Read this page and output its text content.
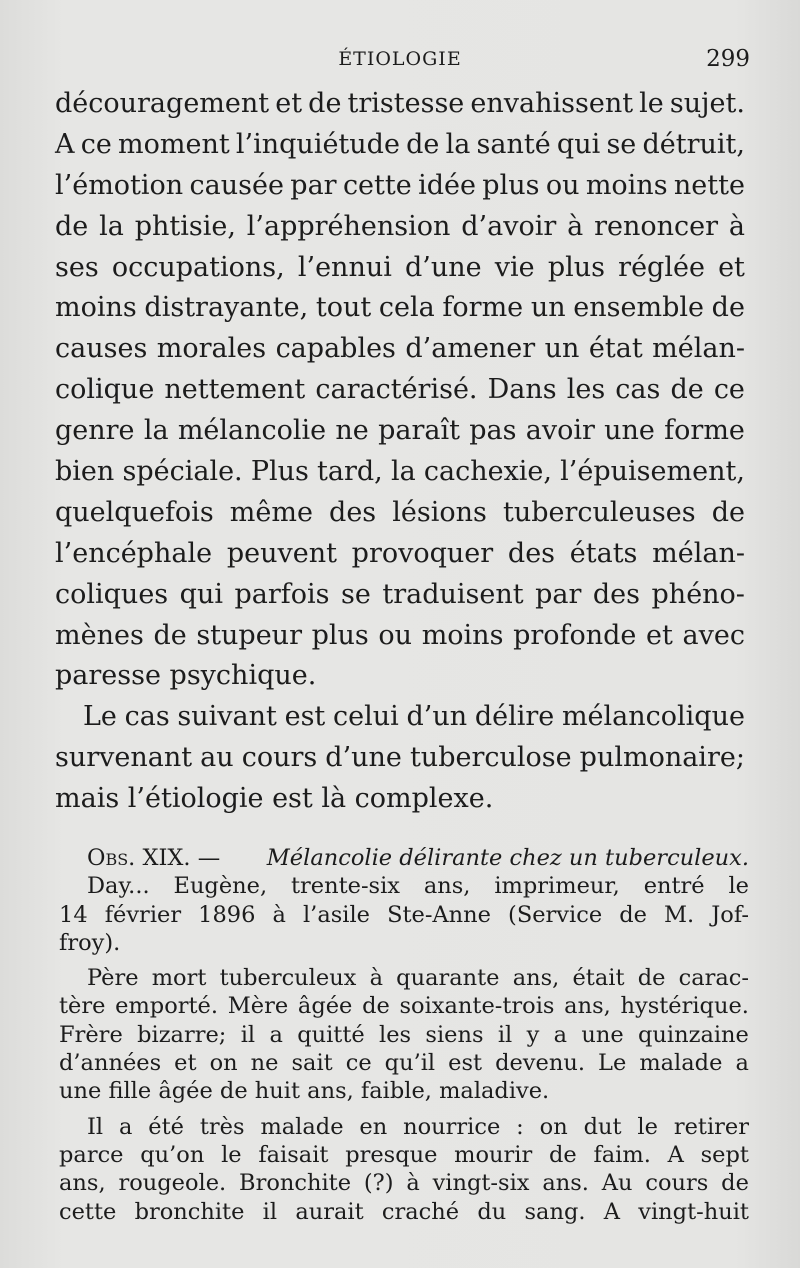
ÉTIOLOGIE	299
découragement et de tristesse envahissent le sujet.
A ce moment l’inquiétude de la santé qui se détruit,
l’émotion causée par cette idée plus ou moins nette
de la phtisie, l’appréhension d’avoir à renoncer à
ses occupations, l’ennui d’une vie plus réglée et
moins distrayante, tout cela forme un ensemble de
causes morales capables d’amener un état mélan-
colique nettement caractérisé. Dans les cas de ce
genre la mélancolie ne paraît pas avoir une forme
bien spéciale. Plus tard, la cachexie, l’épuisement,
quelquefois même des lésions tuberculeuses de
l’encéphale peuvent provoquer des états mélan-
coliques qui parfois se traduisent par des phéno-
mènes de stupeur plus ou moins profonde et avec
paresse psychique.
Le cas suivant est celui d’un délire mélancolique
survenant au cours d’une tuberculose pulmonaire;
mais l’étiologie est là complexe.
Obs. XIX. — Mélancolie délirante chez un tuberculeux.
Day... Eugène, trente-six ans, imprimeur, entré le
14 février 1896 à l’asile Ste-Anne (Service de M. Jof-
froy).
Père mort tuberculeux à quarante ans, était de carac-
tère emporté. Mère âgée de soixante-trois ans, hystérique.
Frère bizarre; il a quitté les siens il y a une quinzaine
d’années et on ne sait ce qu’il est devenu. Le malade a
une fille âgée de huit ans, faible, maladive.
Il a été très malade en nourrice : on dut le retirer
parce qu’on le faisait presque mourir de faim. A sept
ans, rougeole. Bronchite (?) à vingt-six ans. Au cours de
cette bronchite il aurait craché du sang. A vingt-huit
